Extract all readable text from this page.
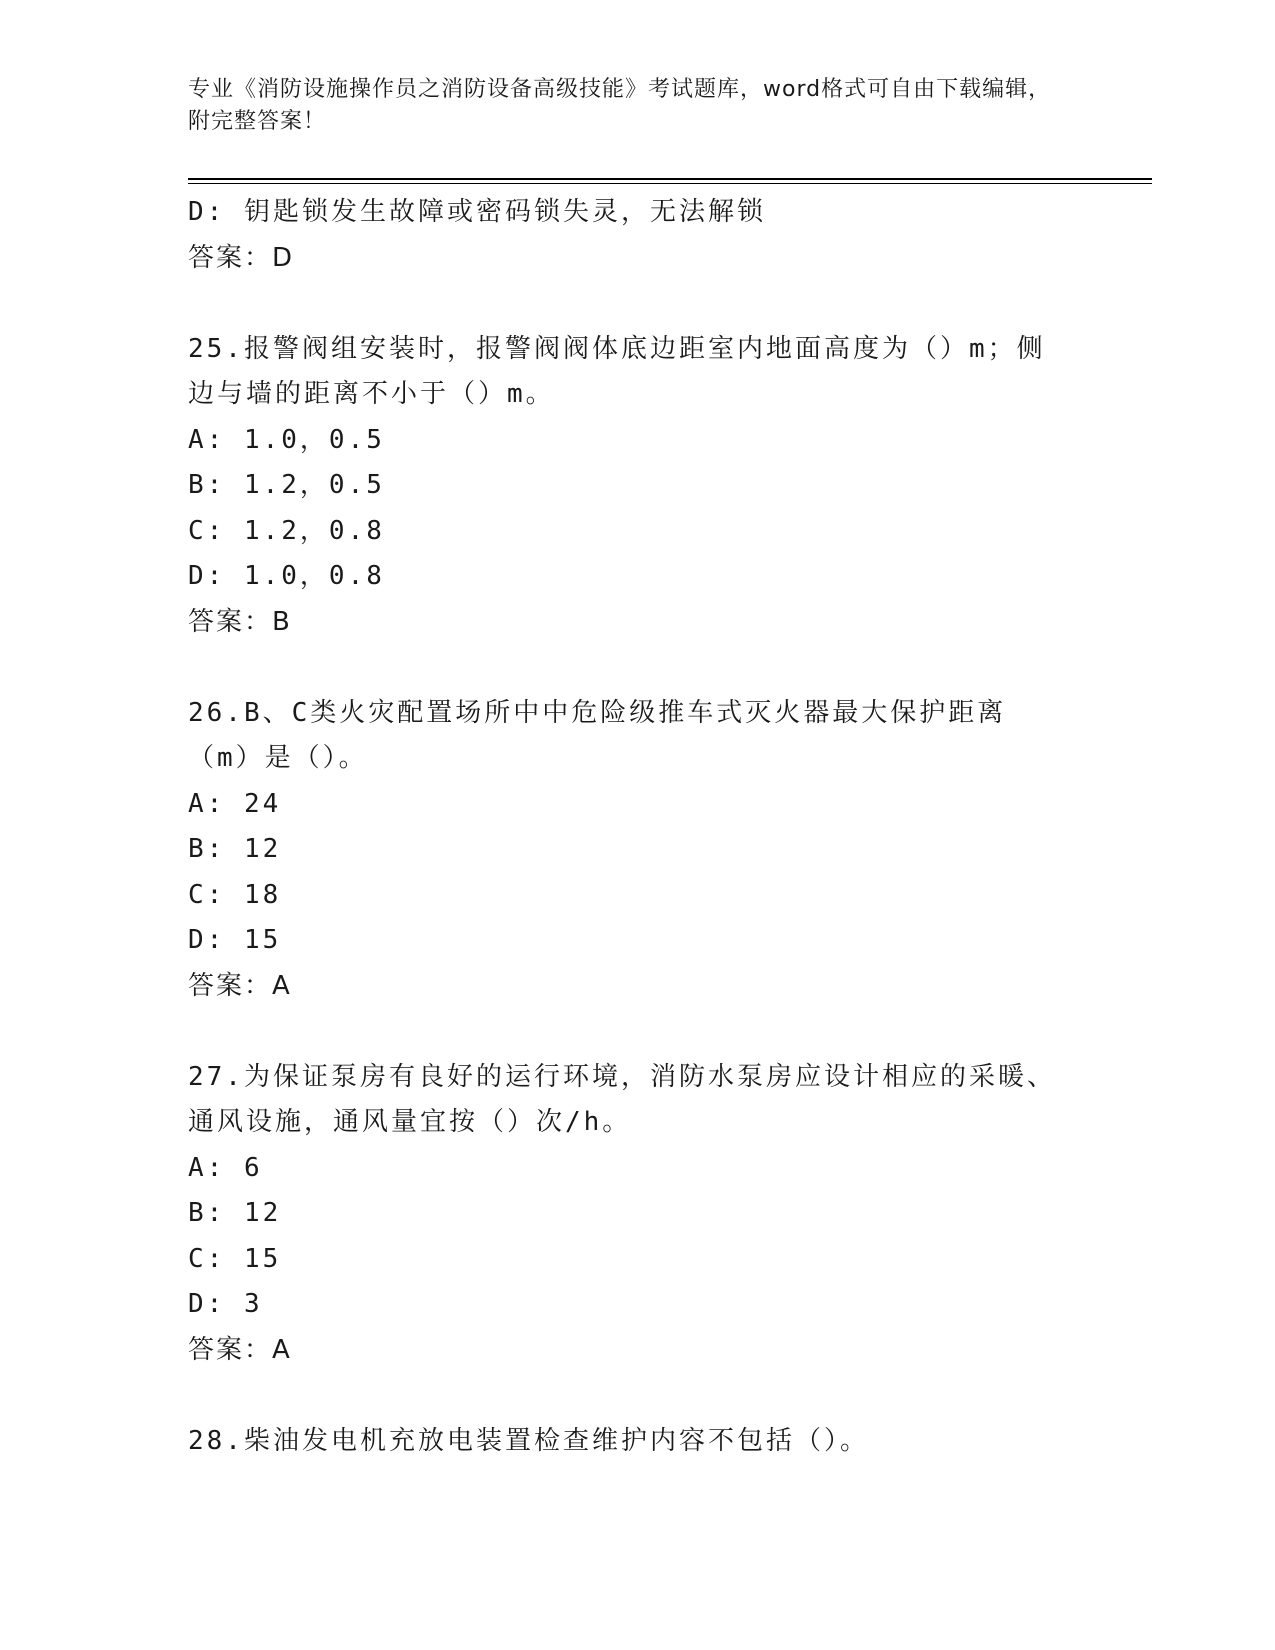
专业《消防设施操作员之消防设备高级技能》考试题库，word格式可自由下载编辑，附完整答案！
D: 钥匙锁发生故障或密码锁失灵，无法解锁
答案：D
25.报警阀组安装时，报警阀阀体底边距室内地面高度为（）m；侧边与墙的距离不小于（）m。
A: 1.0，0.5
B: 1.2，0.5
C: 1.2，0.8
D: 1.0，0.8
答案：B
26.B、C类火灾配置场所中中危险级推车式灭火器最大保护距离（m）是（）。
A: 24
B: 12
C: 18
D: 15
答案：A
27.为保证泵房有良好的运行环境，消防水泵房应设计相应的采暖、通风设施，通风量宜按（）次/h。
A: 6
B: 12
C: 15
D: 3
答案：A
28.柴油发电机充放电装置检查维护内容不包括（）。
